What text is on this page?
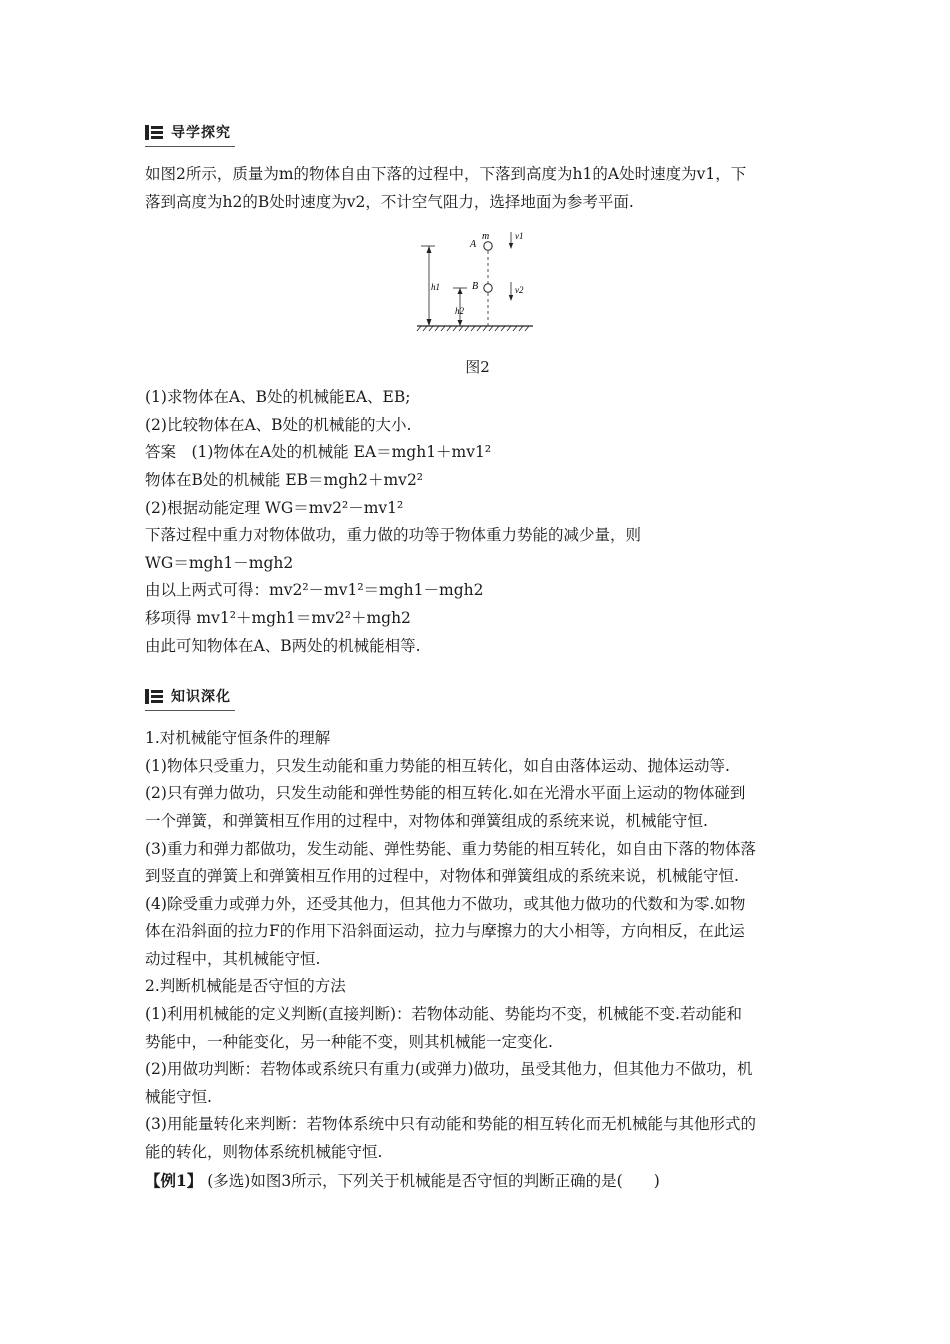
导学探究

如图2所示，质量为m的物体自由下落的过程中，下落到高度为h1的A处时速度为v1，下

落到高度为h2的B处时速度为v2，不计空气阻力，选择地面为参考平面.

A
m
B
v1
v2
h1
h2
图2

(1)求物体在A、B处的机械能EA、EB;

(2)比较物体在A、B处的机械能的大小.

答案　(1)物体在A处的机械能 EA＝mgh1＋mv1²

物体在B处的机械能 EB＝mgh2＋mv2²

(2)根据动能定理 WG＝mv2²－mv1²

下落过程中重力对物体做功，重力做的功等于物体重力势能的减少量，则

WG＝mgh1－mgh2

由以上两式可得：mv2²－mv1²＝mgh1－mgh2

移项得 mv1²＋mgh1＝mv2²＋mgh2

由此可知物体在A、B两处的机械能相等.

知识深化

1.对机械能守恒条件的理解

(1)物体只受重力，只发生动能和重力势能的相互转化，如自由落体运动、抛体运动等.

(2)只有弹力做功，只发生动能和弹性势能的相互转化.如在光滑水平面上运动的物体碰到

一个弹簧，和弹簧相互作用的过程中，对物体和弹簧组成的系统来说，机械能守恒.

(3)重力和弹力都做功，发生动能、弹性势能、重力势能的相互转化，如自由下落的物体落

到竖直的弹簧上和弹簧相互作用的过程中，对物体和弹簧组成的系统来说，机械能守恒.

(4)除受重力或弹力外，还受其他力，但其他力不做功，或其他力做功的代数和为零.如物

体在沿斜面的拉力F的作用下沿斜面运动，拉力与摩擦力的大小相等，方向相反，在此运

动过程中，其机械能守恒.

2.判断机械能是否守恒的方法

(1)利用机械能的定义判断(直接判断)：若物体动能、势能均不变，机械能不变.若动能和

势能中，一种能变化，另一种能不变，则其机械能一定变化.

(2)用做功判断：若物体或系统只有重力(或弹力)做功，虽受其他力，但其他力不做功，机

械能守恒.

(3)用能量转化来判断：若物体系统中只有动能和势能的相互转化而无机械能与其他形式的

能的转化，则物体系统机械能守恒.

【例1】 (多选)如图3所示，下列关于机械能是否守恒的判断正确的是(　　)
